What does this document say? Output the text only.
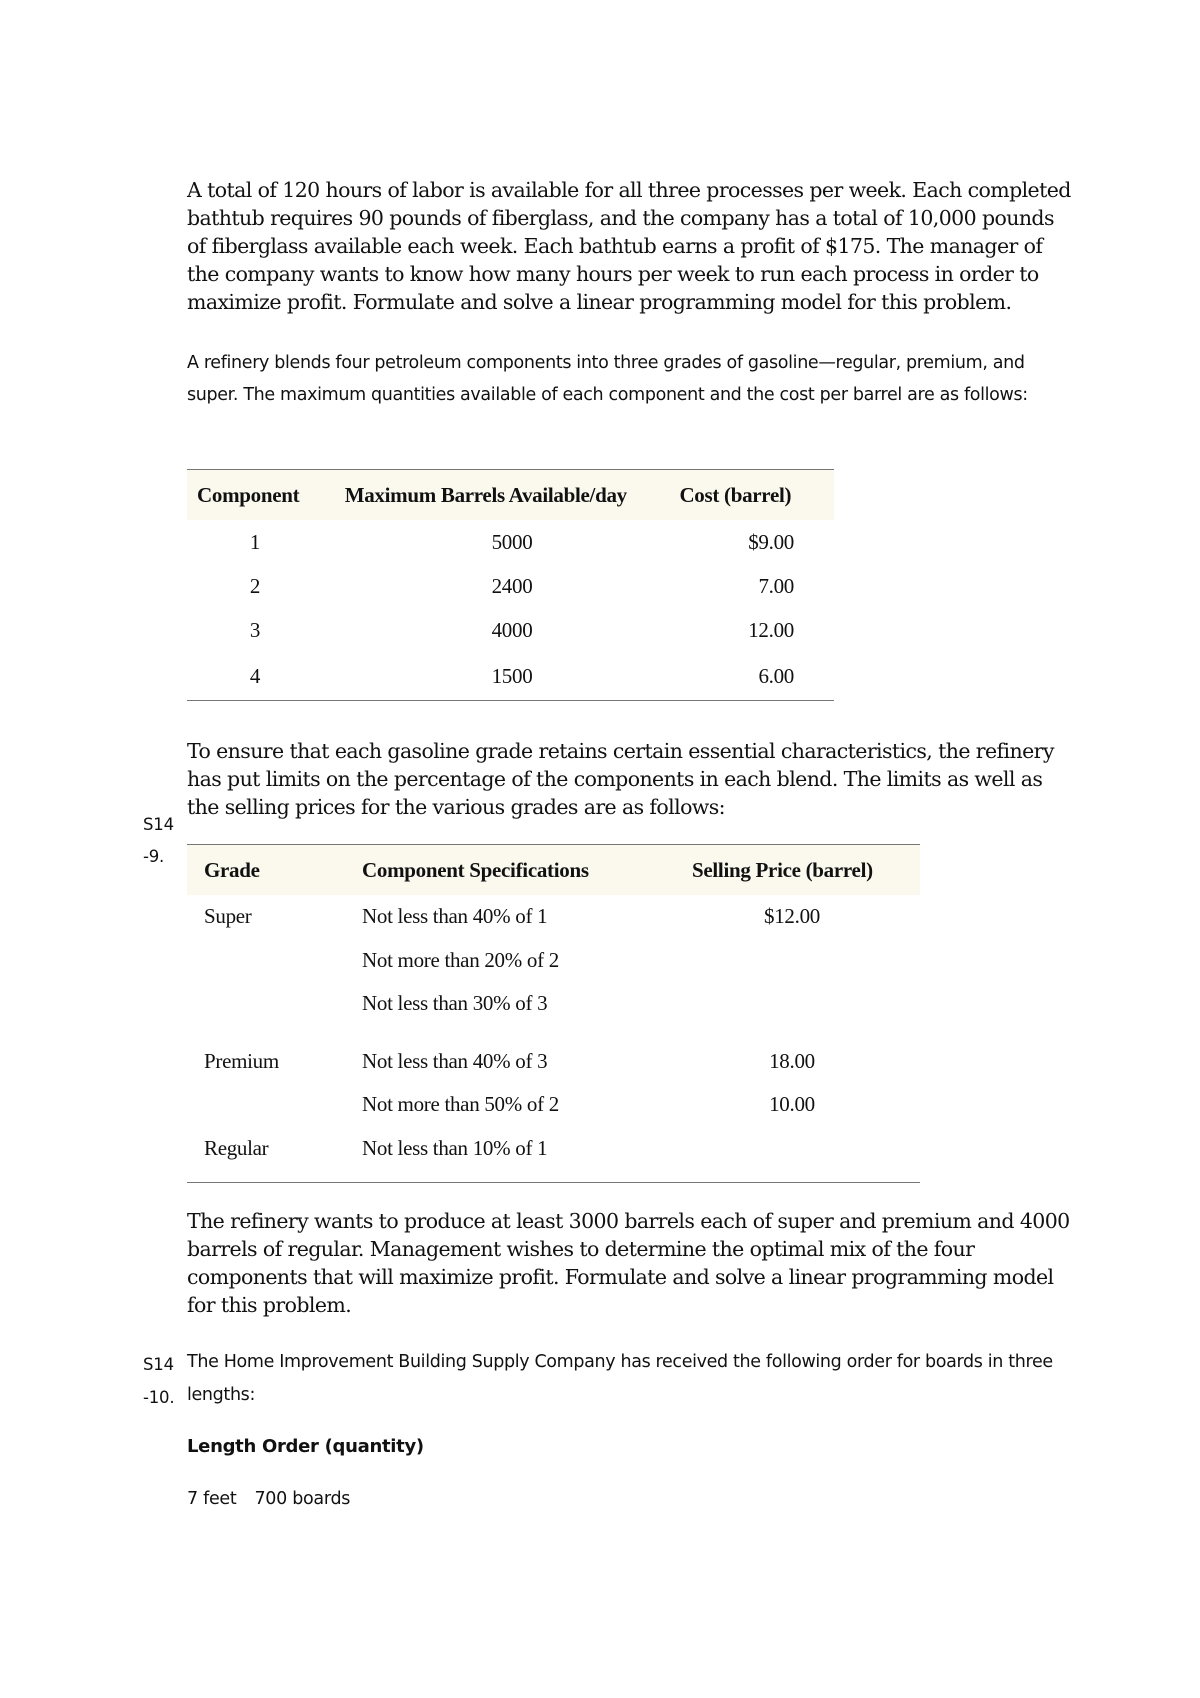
A total of 120 hours of labor is available for all three processes per week. Each completed bathtub requires 90 pounds of fiberglass, and the company has a total of 10,000 pounds of fiberglass available each week. Each bathtub earns a profit of $175. The manager of the company wants to know how many hours per week to run each process in order to maximize profit. Formulate and solve a linear programming model for this problem.

A refinery blends four petroleum components into three grades of gasoline—regular, premium, and super. The maximum quantities available of each component and the cost per barrel are as follows:

Component	Maximum Barrels Available/day	Cost (barrel)
1	5000	$9.00
2	2400	7.00
3	4000	12.00
4	1500	6.00

To ensure that each gasoline grade retains certain essential characteristics, the refinery has put limits on the percentage of the components in each blend. The limits as well as the selling prices for the various grades are as follows:

S14

-9.

Grade	Component Specifications	Selling Price (barrel)
Super	Not less than 40% of 1	$12.00
Not more than 20% of 2
Not less than 30% of 3
Premium	Not less than 40% of 3	18.00
Not more than 50% of 2	10.00
Regular	Not less than 10% of 1

The refinery wants to produce at least 3000 barrels each of super and premium and 4000 barrels of regular. Management wishes to determine the optimal mix of the four components that will maximize profit. Formulate and solve a linear programming model for this problem.

S14

-10.

The Home Improvement Building Supply Company has received the following order for boards in three lengths:

Length Order (quantity)

7 feet 700 boards
